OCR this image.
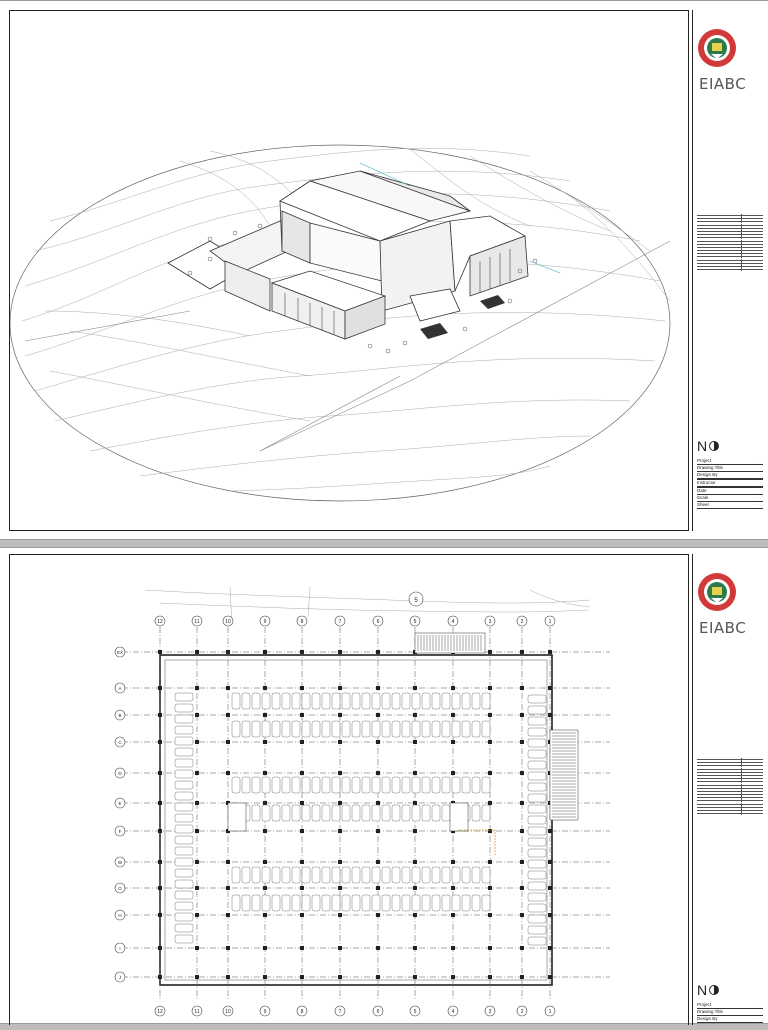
EIABC
N
Project	·····
Drawing Title	·····
Design By	·····
Instructor	·····
Date	·····
Scale	·····
Sheet	·····
12
12
11
11
10
10
9
9
8
8
7
7
6
6
5
5
4
4
3
3
2
2
1
1
EX
A
B
C
D
E
F
W
G
H
I
J
5
EIABC
N
Project	·····
Drawing Title	·····
Design By	·····
